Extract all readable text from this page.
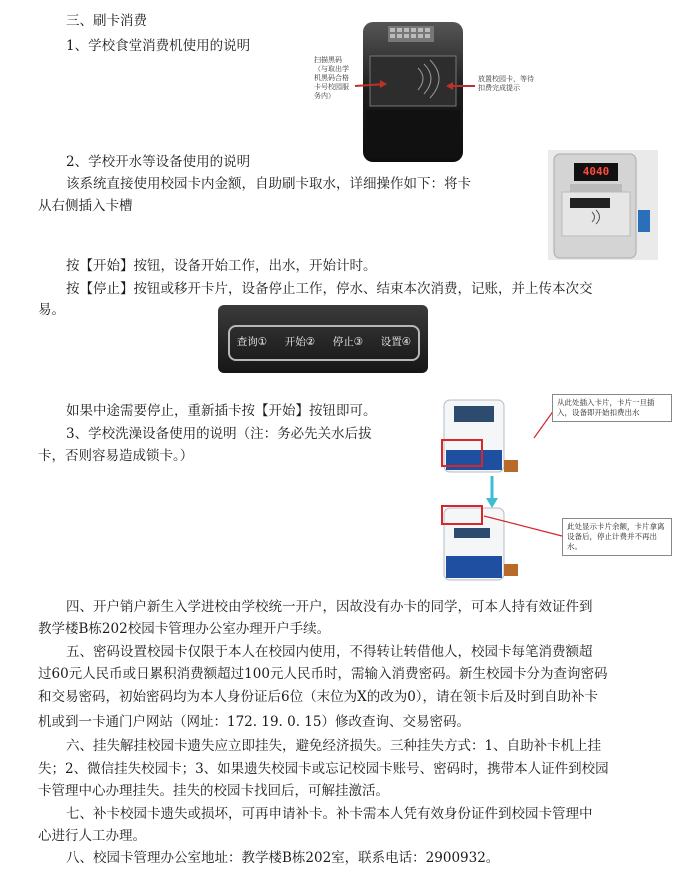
三、刷卡消费
1、学校食堂消费机使用的说明
扫描黑码（与取出学机黑码合格卡号校园服务内）
放置校园卡，等待扣费完成提示
2、学校开水等设备使用的说明
该系统直接使用校园卡内金额，自助刷卡取水，详细操作如下：将卡
从右侧插入卡槽
4040
按【开始】按钮，设备开始工作，出水，开始计时。
按【停止】按钮或移开卡片，设备停止工作，停水、结束本次消费，记账，并上传本次交
易。
查询① 开始② 停止③ 设置④
如果中途需要停止，重新插卡按【开始】按钮即可。
3、学校洗澡设备使用的说明（注：务必先关水后拔
卡，否则容易造成锁卡。）
从此处插入卡片，卡片一旦插入，设备即开始扣费出水
此处显示卡片余额，卡片拿离设备后，停止计费并不再出水。
四、开户销户新生入学进校由学校统一开户，因故没有办卡的同学，可本人持有效证件到
教学楼B栋202校园卡管理办公室办理开户手续。
五、密码设置校园卡仅限于本人在校园内使用，不得转让转借他人，校园卡每笔消费额超
过60元人民币或日累积消费额超过100元人民币时，需输入消费密码。新生校园卡分为查询密码
和交易密码，初始密码均为本人身份证后6位（末位为X的改为0），请在领卡后及时到自助补卡
机或到一卡通门户网站（网址：172. 19. 0. 15）修改查询、交易密码。
六、挂失解挂校园卡遗失应立即挂失，避免经济损失。三种挂失方式：1、自助补卡机上挂
失；2、微信挂失校园卡；3、如果遗失校园卡或忘记校园卡账号、密码时，携带本人证件到校园
卡管理中心办理挂失。挂失的校园卡找回后，可解挂激活。
七、补卡校园卡遗失或损坏，可再申请补卡。补卡需本人凭有效身份证件到校园卡管理中
心进行人工办理。
八、校园卡管理办公室地址：教学楼B栋202室，联系电话：2900932。
